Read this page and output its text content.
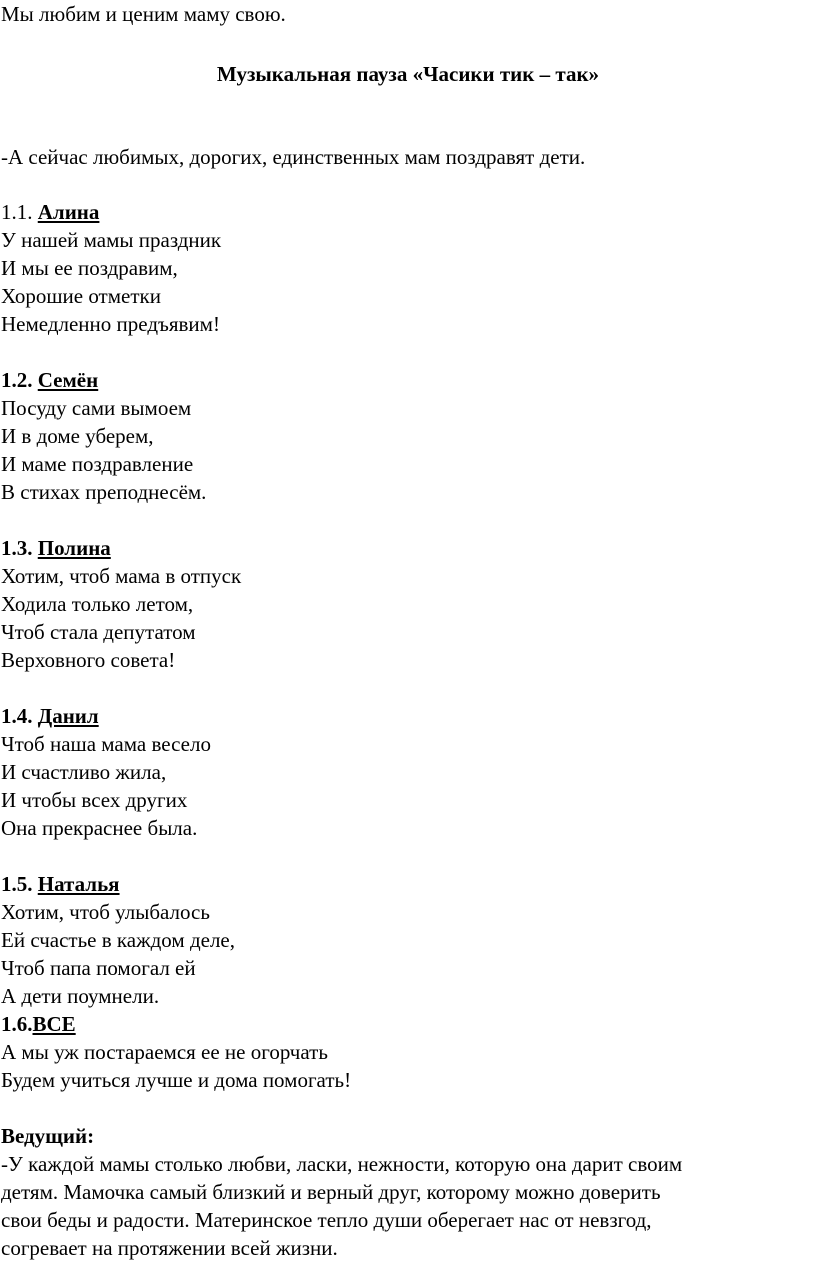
Мы любим и ценим маму свою.
Музыкальная пауза «Часики тик – так»
-А сейчас любимых, дорогих, единственных мам поздравят дети.
1.1. Алина
У нашей мамы праздник
И мы ее поздравим,
Хорошие отметки
Немедленно предъявим!
1.2. Семён
Посуду сами вымоем
И в доме уберем,
И маме поздравление
В стихах преподнесём.
1.3. Полина
Хотим, чтоб мама в отпуск
Ходила только летом,
Чтоб стала депутатом
Верховного совета!
1.4. Данил
Чтоб наша мама весело
И счастливо жила,
И чтобы всех других
Она прекраснее была.
1.5. Наталья
Хотим, чтоб улыбалось
Ей счастье в каждом деле,
Чтоб папа помогал ей
А дети поумнели.
1.6.ВСЕ
А мы уж постараемся ее не огорчать
Будем учиться лучше и дома помогать!
Ведущий:
-У каждой мамы столько любви, ласки, нежности, которую она дарит своим
детям. Мамочка самый близкий и верный друг, которому можно доверить
свои беды и радости. Материнское тепло души оберегает нас от невзгод,
согревает на протяжении всей жизни.
